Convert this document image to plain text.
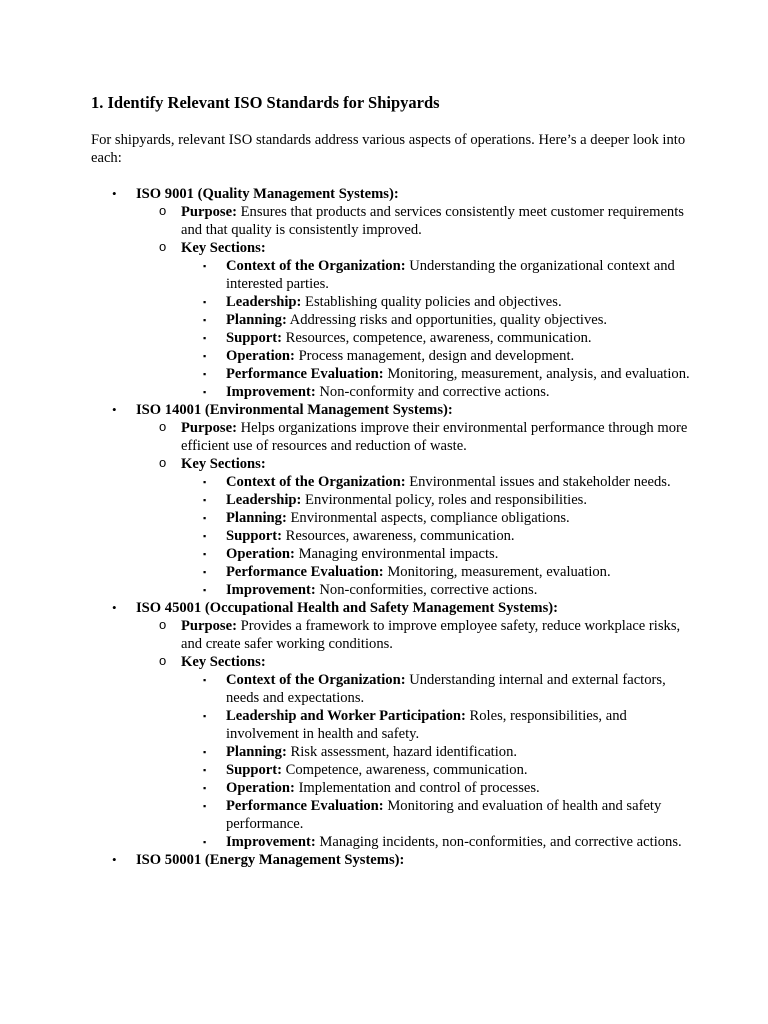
1. Identify Relevant ISO Standards for Shipyards

For shipyards, relevant ISO standards address various aspects of operations. Here’s a deeper look into each:

• ISO 9001 (Quality Management Systems):
o Purpose: Ensures that products and services consistently meet customer requirements and that quality is consistently improved.
o Key Sections:
▪ Context of the Organization: Understanding the organizational context and interested parties.
▪ Leadership: Establishing quality policies and objectives.
▪ Planning: Addressing risks and opportunities, quality objectives.
▪ Support: Resources, competence, awareness, communication.
▪ Operation: Process management, design and development.
▪ Performance Evaluation: Monitoring, measurement, analysis, and evaluation.
▪ Improvement: Non-conformity and corrective actions.
• ISO 14001 (Environmental Management Systems):
o Purpose: Helps organizations improve their environmental performance through more efficient use of resources and reduction of waste.
o Key Sections:
▪ Context of the Organization: Environmental issues and stakeholder needs.
▪ Leadership: Environmental policy, roles and responsibilities.
▪ Planning: Environmental aspects, compliance obligations.
▪ Support: Resources, awareness, communication.
▪ Operation: Managing environmental impacts.
▪ Performance Evaluation: Monitoring, measurement, evaluation.
▪ Improvement: Non-conformities, corrective actions.
• ISO 45001 (Occupational Health and Safety Management Systems):
o Purpose: Provides a framework to improve employee safety, reduce workplace risks, and create safer working conditions.
o Key Sections:
▪ Context of the Organization: Understanding internal and external factors, needs and expectations.
▪ Leadership and Worker Participation: Roles, responsibilities, and involvement in health and safety.
▪ Planning: Risk assessment, hazard identification.
▪ Support: Competence, awareness, communication.
▪ Operation: Implementation and control of processes.
▪ Performance Evaluation: Monitoring and evaluation of health and safety performance.
▪ Improvement: Managing incidents, non-conformities, and corrective actions.
• ISO 50001 (Energy Management Systems):
